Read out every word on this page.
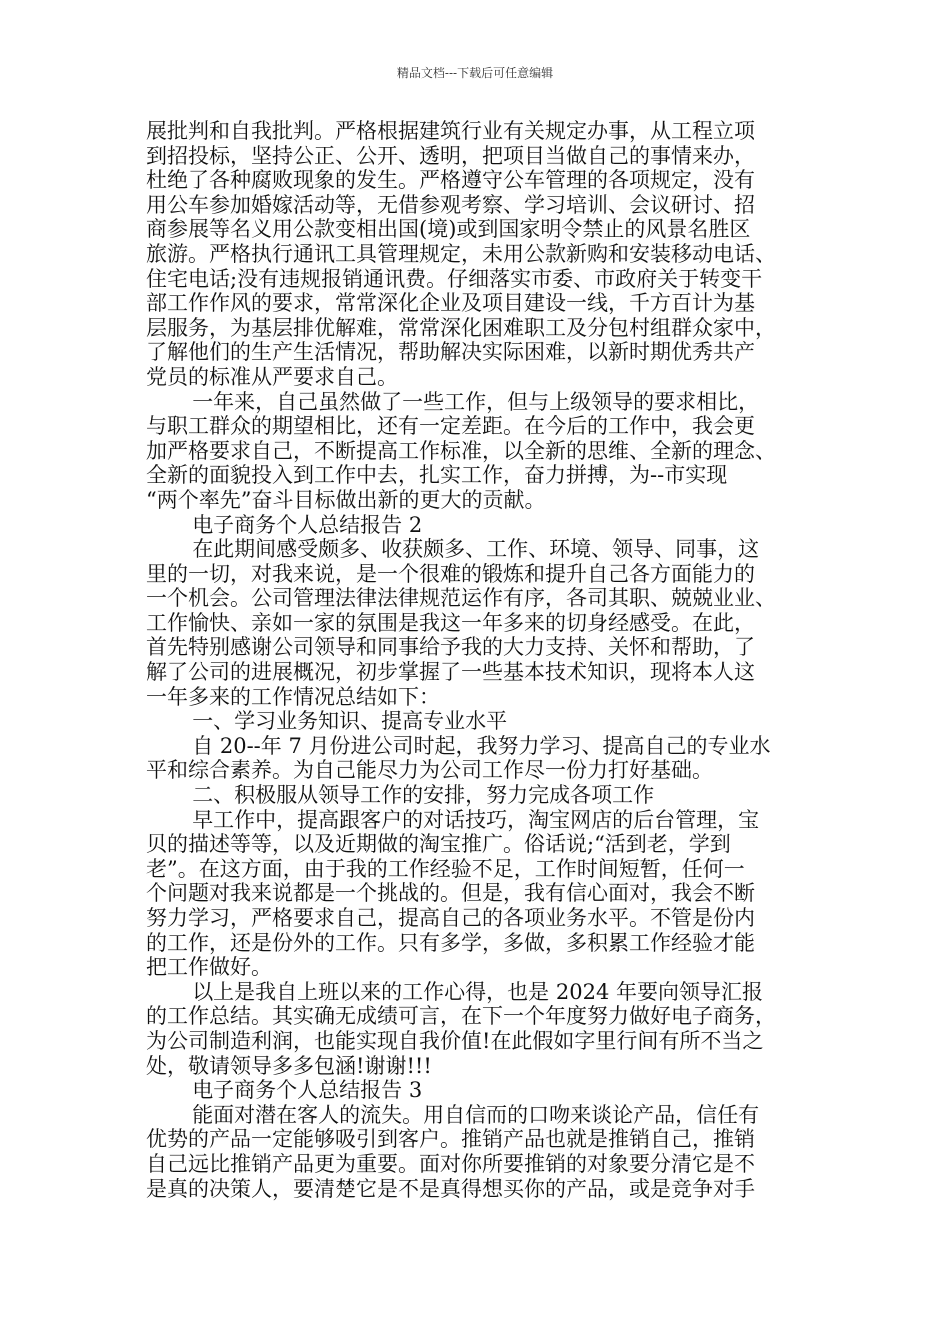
精品文档---下载后可任意编辑
展批判和自我批判。严格根据建筑行业有关规定办事，从工程立项
到招投标，坚持公正、公开、透明，把项目当做自己的事情来办，
杜绝了各种腐败现象的发生。严格遵守公车管理的各项规定，没有
用公车参加婚嫁活动等，无借参观考察、学习培训、会议研讨、招
商参展等名义用公款变相出国(境)或到国家明令禁止的风景名胜区
旅游。严格执行通讯工具管理规定，未用公款新购和安装移动电话、
住宅电话;没有违规报销通讯费。仔细落实市委、市政府关于转变干
部工作作风的要求，常常深化企业及项目建设一线，千方百计为基
层服务，为基层排优解难，常常深化困难职工及分包村组群众家中，
了解他们的生产生活情况，帮助解决实际困难，以新时期优秀共产
党员的标准从严要求自己。
一年来，自己虽然做了一些工作，但与上级领导的要求相比，
与职工群众的期望相比，还有一定差距。在今后的工作中，我会更
加严格要求自己，不断提高工作标准，以全新的思维、全新的理念、
全新的面貌投入到工作中去，扎实工作，奋力拼搏，为--市实现
“两个率先”奋斗目标做出新的更大的贡献。
电子商务个人总结报告 2
在此期间感受颇多、收获颇多、工作、环境、领导、同事，这
里的一切，对我来说，是一个很难的锻炼和提升自己各方面能力的
一个机会。公司管理法律法律规范运作有序，各司其职、兢兢业业、
工作愉快、亲如一家的氛围是我这一年多来的切身经感受。在此，
首先特别感谢公司领导和同事给予我的大力支持、关怀和帮助，了
解了公司的进展概况，初步掌握了一些基本技术知识，现将本人这
一年多来的工作情况总结如下：
一、学习业务知识、提高专业水平
自 20--年 7 月份进公司时起，我努力学习、提高自己的专业水
平和综合素养。为自己能尽力为公司工作尽一份力打好基础。
二、积极服从领导工作的安排，努力完成各项工作
早工作中，提高跟客户的对话技巧，淘宝网店的后台管理，宝
贝的描述等等，以及近期做的淘宝推广。俗话说;“活到老，学到
老”。在这方面，由于我的工作经验不足，工作时间短暂，任何一
个问题对我来说都是一个挑战的。但是，我有信心面对，我会不断
努力学习，严格要求自己，提高自己的各项业务水平。不管是份内
的工作，还是份外的工作。只有多学，多做，多积累工作经验才能
把工作做好。
以上是我自上班以来的工作心得，也是 2024 年要向领导汇报
的工作总结。其实确无成绩可言，在下一个年度努力做好电子商务，
为公司制造利润，也能实现自我价值!在此假如字里行间有所不当之
处，敬请领导多多包涵!谢谢!!!
电子商务个人总结报告 3
能面对潜在客人的流失。用自信而的口吻来谈论产品，信任有
优势的产品一定能够吸引到客户。推销产品也就是推销自己，推销
自己远比推销产品更为重要。面对你所要推销的对象要分清它是不
是真的决策人，要清楚它是不是真得想买你的产品，或是竞争对手
